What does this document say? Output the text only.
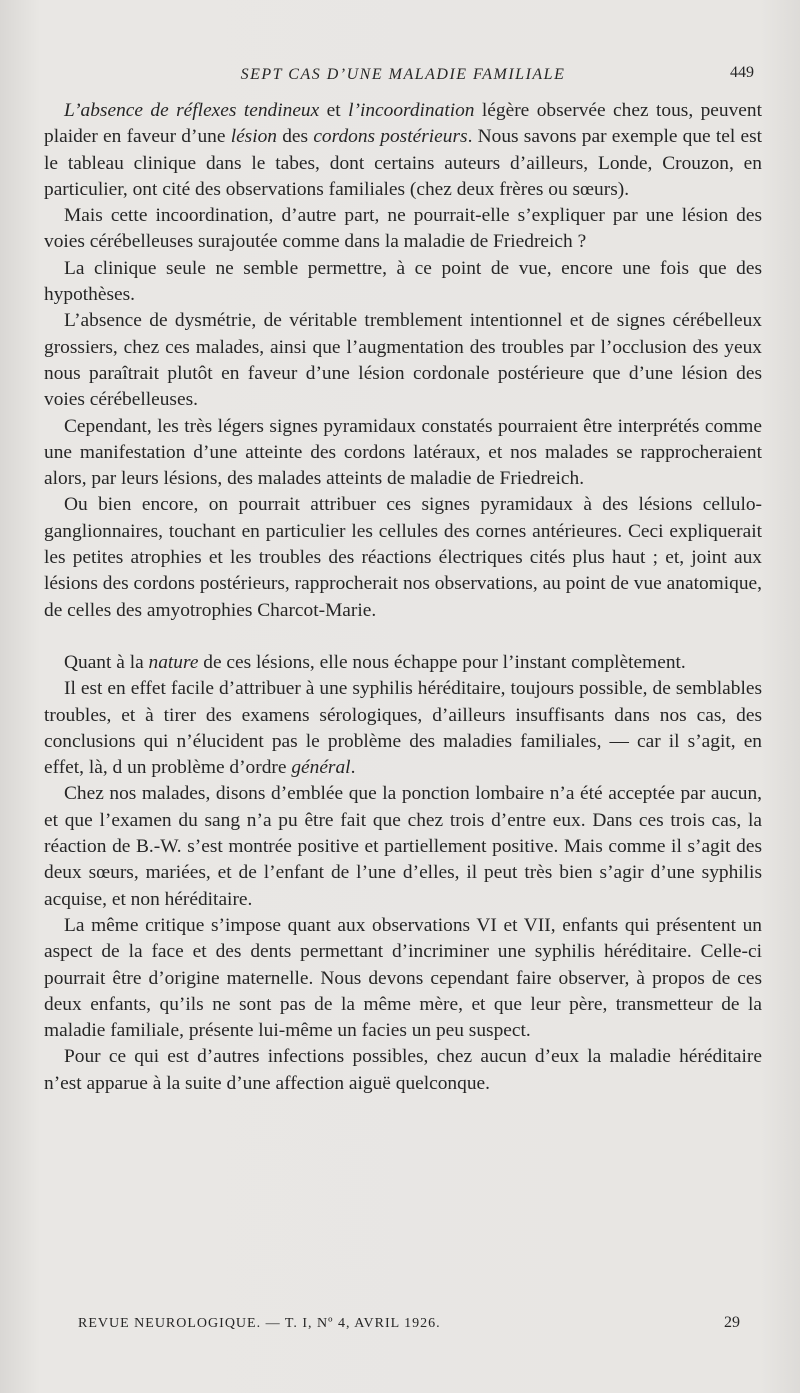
SEPT CAS D’UNE MALADIE FAMILIALE	449

L’absence de réflexes tendineux et l’incoordination légère observée chez tous, peuvent plaider en faveur d’une lésion des cordons postérieurs. Nous savons par exemple que tel est le tableau clinique dans le tabes, dont certains auteurs d’ailleurs, Londe, Crouzon, en particulier, ont cité des observations familiales (chez deux frères ou sœurs).

Mais cette incoordination, d’autre part, ne pourrait-elle s’expliquer par une lésion des voies cérébelleuses surajoutée comme dans la maladie de Friedreich ?

La clinique seule ne semble permettre, à ce point de vue, encore une fois que des hypothèses.

L’absence de dysmétrie, de véritable tremblement intentionnel et de signes cérébelleux grossiers, chez ces malades, ainsi que l’augmentation des troubles par l’occlusion des yeux nous paraîtrait plutôt en faveur d’une lésion cordonale postérieure que d’une lésion des voies cérébelleuses.

Cependant, les très légers signes pyramidaux constatés pourraient être interprétés comme une manifestation d’une atteinte des cordons latéraux, et nos malades se rapprocheraient alors, par leurs lésions, des malades atteints de maladie de Friedreich.

Ou bien encore, on pourrait attribuer ces signes pyramidaux à des lésions cellulo-ganglionnaires, touchant en particulier les cellules des cornes antérieures. Ceci expliquerait les petites atrophies et les troubles des réactions électriques cités plus haut ; et, joint aux lésions des cordons postérieurs, rapprocherait nos observations, au point de vue anatomique, de celles des amyotrophies Charcot-Marie.

Quant à la nature de ces lésions, elle nous échappe pour l’instant complètement.

Il est en effet facile d’attribuer à une syphilis héréditaire, toujours possible, de semblables troubles, et à tirer des examens sérologiques, d’ailleurs insuffisants dans nos cas, des conclusions qui n’élucident pas le problème des maladies familiales, — car il s’agit, en effet, là, d un problème d’ordre général.

Chez nos malades, disons d’emblée que la ponction lombaire n’a été acceptée par aucun, et que l’examen du sang n’a pu être fait que chez trois d’entre eux. Dans ces trois cas, la réaction de B.-W. s’est montrée positive et partiellement positive. Mais comme il s’agit des deux sœurs, mariées, et de l’enfant de l’une d’elles, il peut très bien s’agir d’une syphilis acquise, et non héréditaire.

La même critique s’impose quant aux observations VI et VII, enfants qui présentent un aspect de la face et des dents permettant d’incriminer une syphilis héréditaire. Celle-ci pourrait être d’origine maternelle. Nous devons cependant faire observer, à propos de ces deux enfants, qu’ils ne sont pas de la même mère, et que leur père, transmetteur de la maladie familiale, présente lui-même un facies un peu suspect.

Pour ce qui est d’autres infections possibles, chez aucun d’eux la maladie héréditaire n’est apparue à la suite d’une affection aiguë quelconque.

REVUE NEUROLOGIQUE. — T. I, Nº 4, AVRIL 1926.	29
